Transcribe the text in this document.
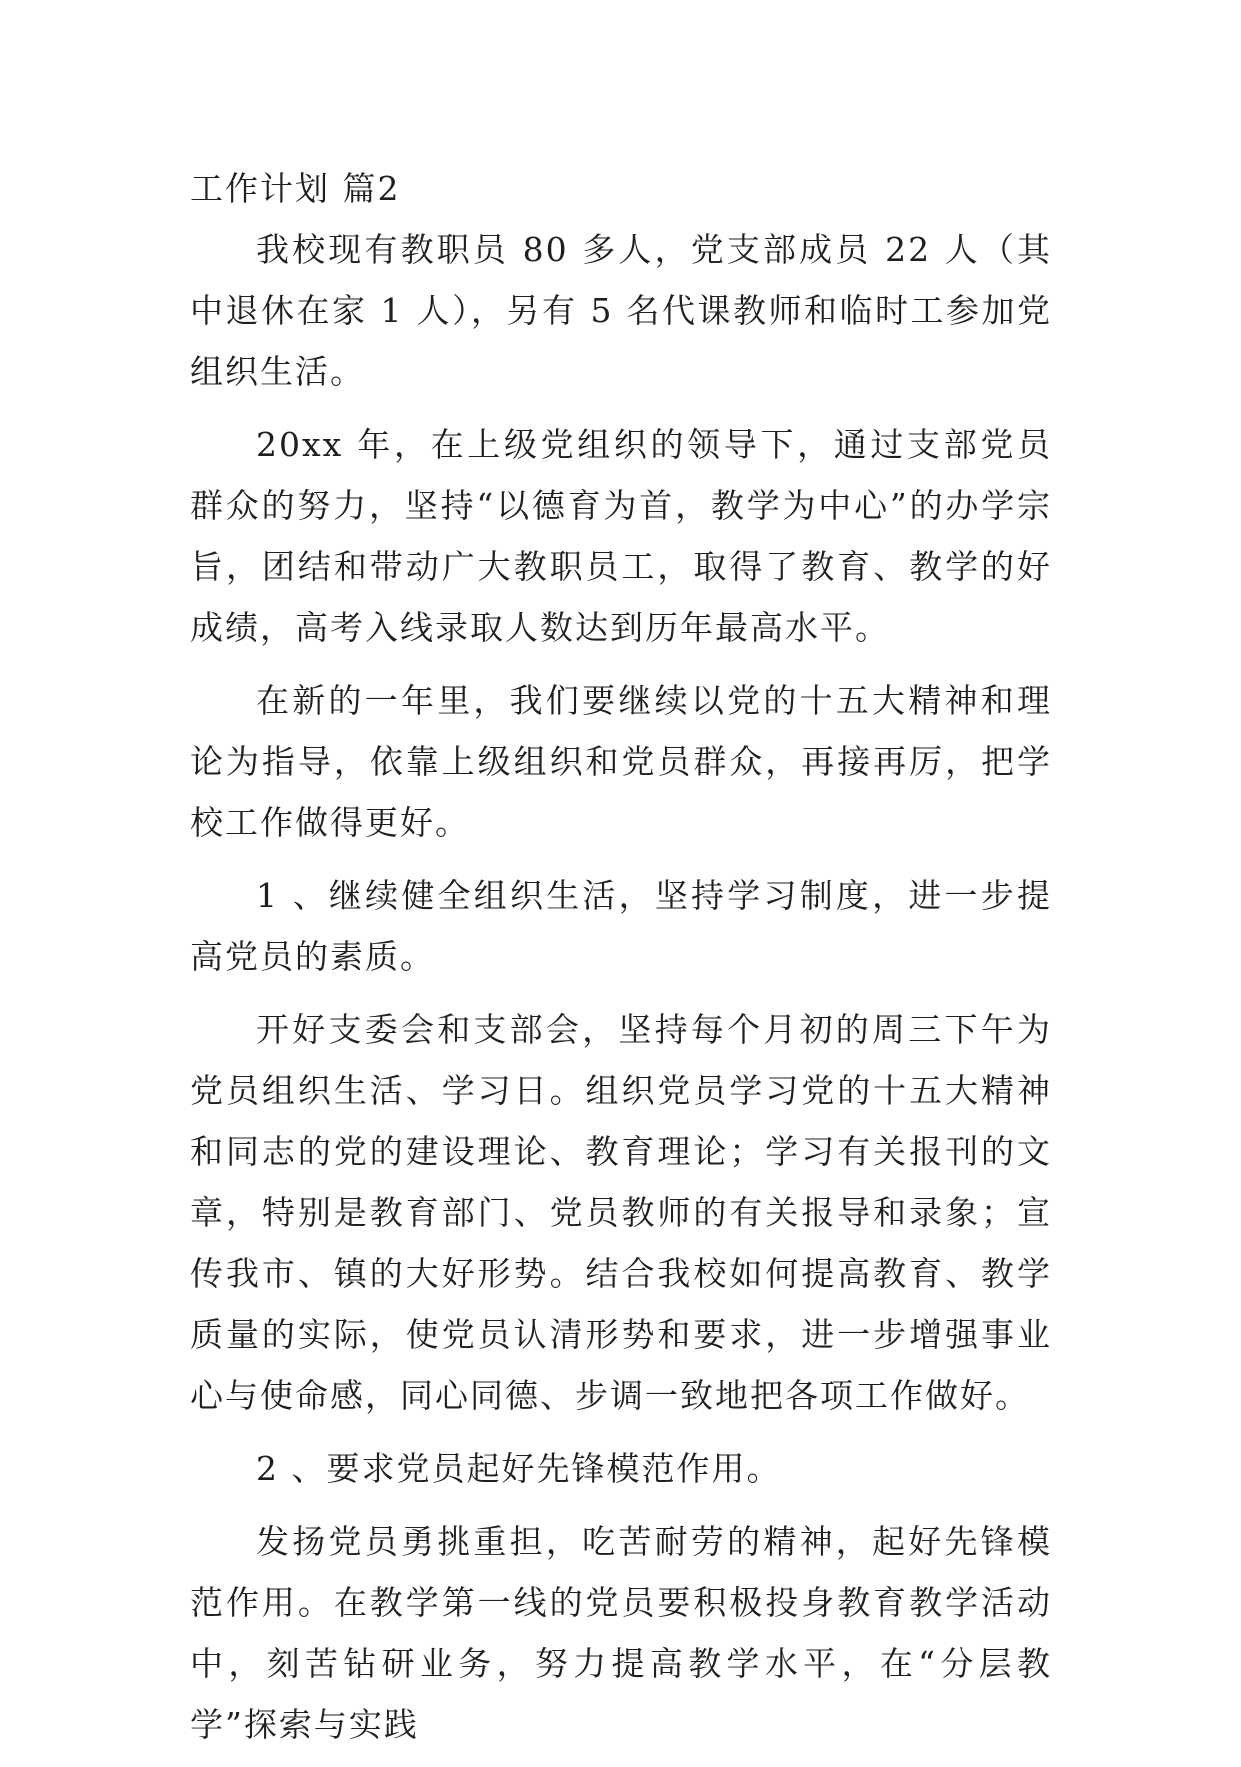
工作计划 篇2

我校现有教职员 80 多人，党支部成员 22 人（其中退休在家 1 人），另有 5 名代课教师和临时工参加党组织生活。

20xx 年，在上级党组织的领导下，通过支部党员群众的努力，坚持“以德育为首，教学为中心”的办学宗旨，团结和带动广大教职员工，取得了教育、教学的好成绩，高考入线录取人数达到历年最高水平。

在新的一年里，我们要继续以党的十五大精神和理论为指导，依靠上级组织和党员群众，再接再厉，把学校工作做得更好。

1 、继续健全组织生活，坚持学习制度，进一步提高党员的素质。

开好支委会和支部会，坚持每个月初的周三下午为党员组织生活、学习日。组织党员学习党的十五大精神和同志的党的建设理论、教育理论；学习有关报刊的文章，特别是教育部门、党员教师的有关报导和录象；宣传我市、镇的大好形势。结合我校如何提高教育、教学质量的实际，使党员认清形势和要求，进一步增强事业心与使命感，同心同德、步调一致地把各项工作做好。

2 、要求党员起好先锋模范作用。

发扬党员勇挑重担，吃苦耐劳的精神，起好先锋模范作用。在教学第一线的党员要积极投身教育教学活动中，刻苦钻研业务，努力提高教学水平，在“分层教学”探索与实践
